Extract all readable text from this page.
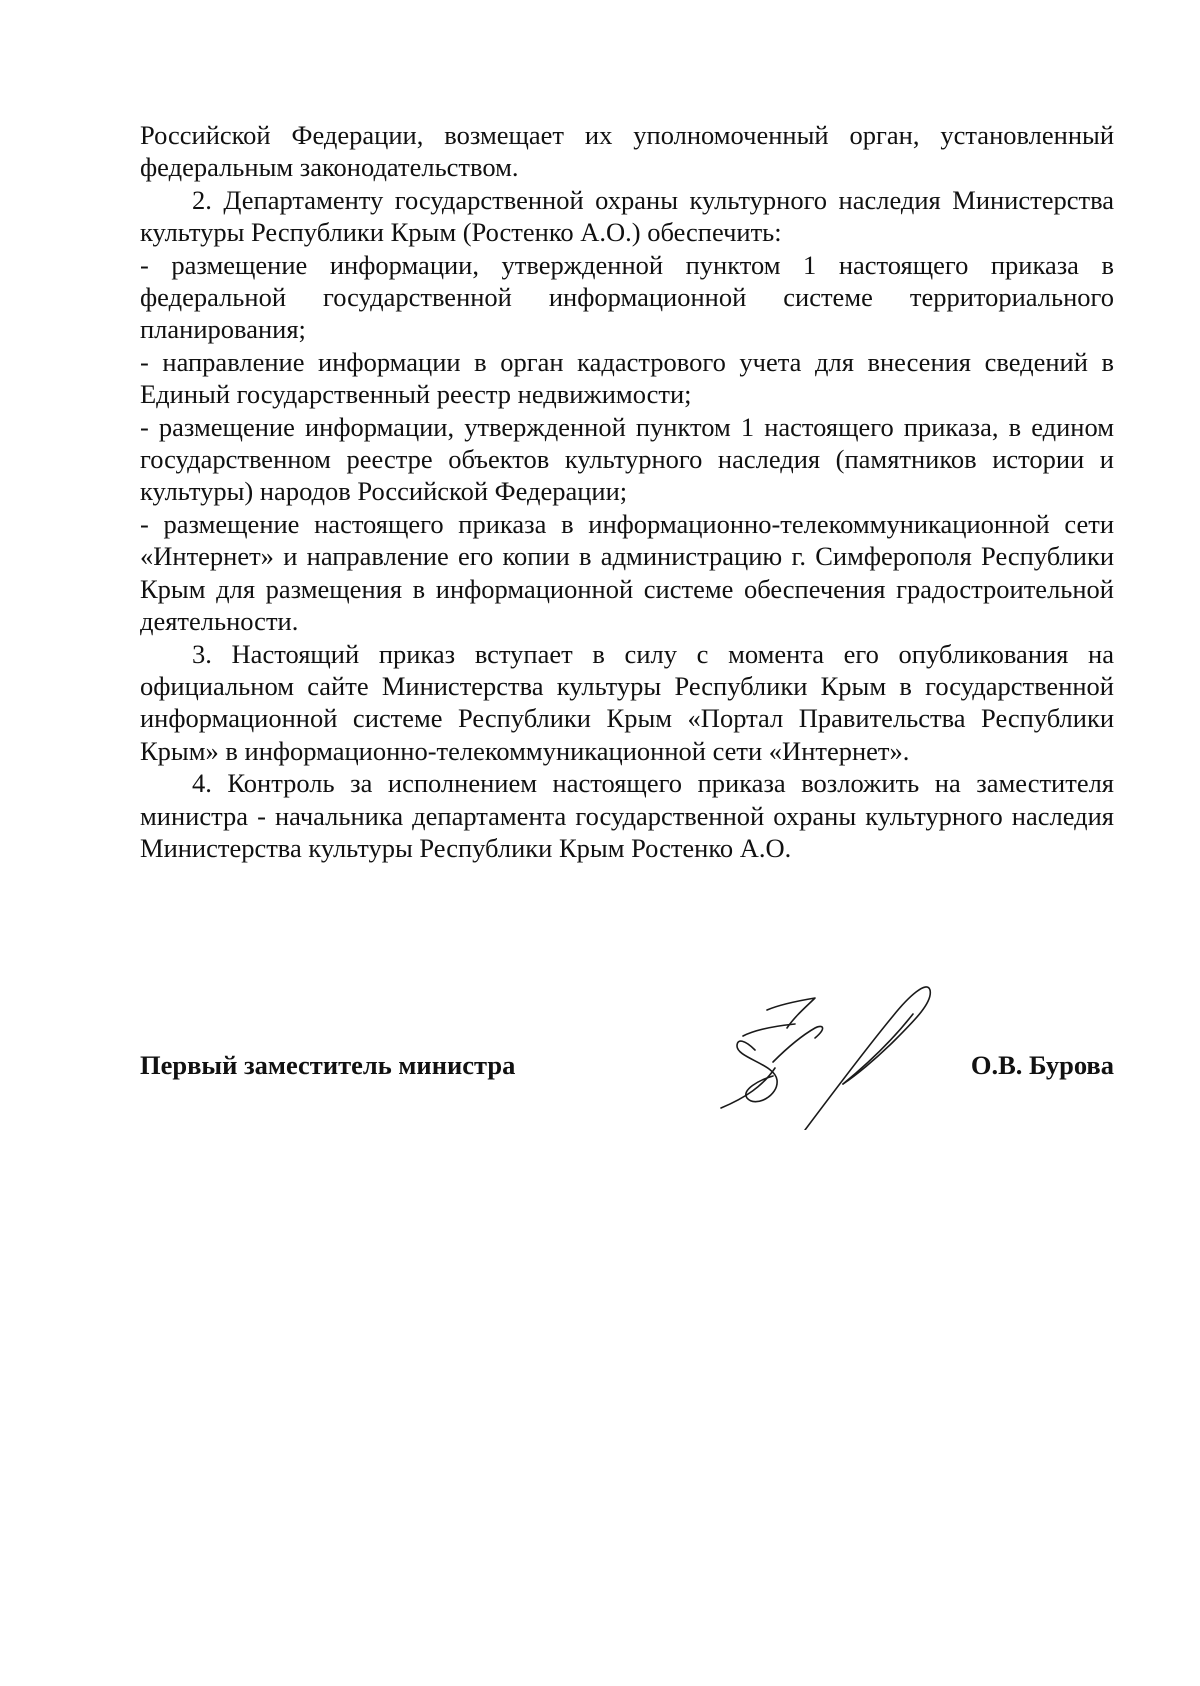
Российской Федерации, возмещает их уполномоченный орган, установленный федеральным законодательством.

2. Департаменту государственной охраны культурного наследия Министерства культуры Республики Крым (Ростенко А.О.) обеспечить:

- размещение информации, утвержденной пунктом 1 настоящего приказа в федеральной государственной информационной системе территориального планирования;

- направление информации в орган кадастрового учета для внесения сведений в Единый государственный реестр недвижимости;

- размещение информации, утвержденной пунктом 1 настоящего приказа, в едином государственном реестре объектов культурного наследия (памятников истории и культуры) народов Российской Федерации;

- размещение настоящего приказа в информационно-телекоммуникационной сети «Интернет» и направление его копии в администрацию г. Симферополя Республики Крым для размещения в информационной системе обеспечения градостроительной деятельности.

3. Настоящий приказ вступает в силу с момента его опубликования на официальном сайте Министерства культуры Республики Крым в государственной информационной системе Республики Крым «Портал Правительства Республики Крым» в информационно-телекоммуникационной сети «Интернет».

4. Контроль за исполнением настоящего приказа возложить на заместителя министра - начальника департамента государственной охраны культурного наследия Министерства культуры Республики Крым Ростенко А.О.

Первый заместитель министра	О.В. Бурова
